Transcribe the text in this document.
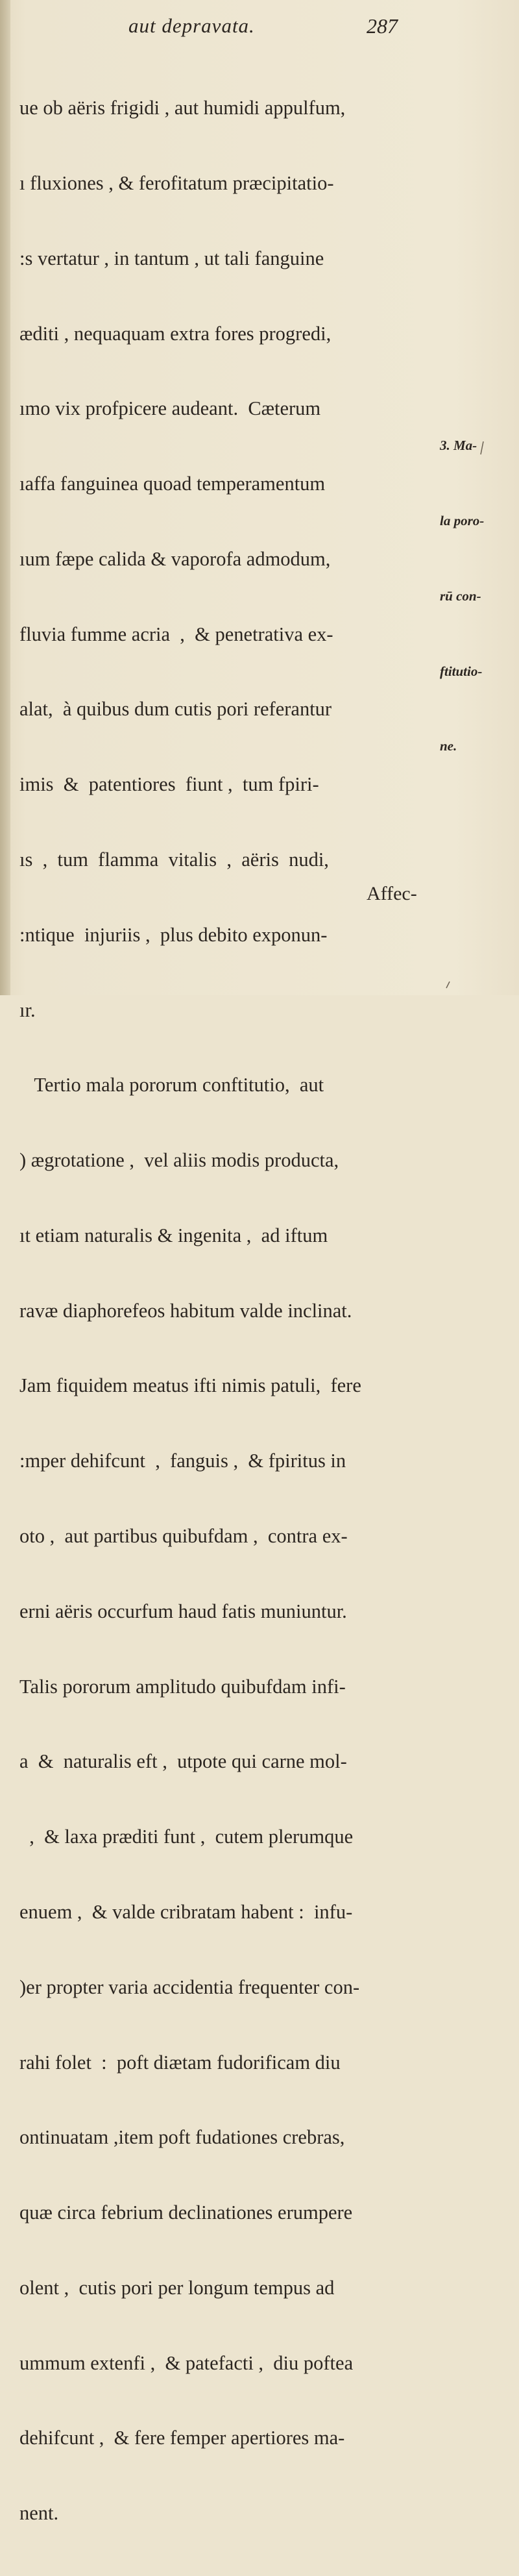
aut depravata.	287

ue ob aëris frigidi , aut humidi appulfum,

ı fluxiones , & ferofitatum præcipitatio-

:s vertatur , in tantum , ut tali fanguine

æditi , nequaquam extra fores progredi,

ımo vix profpicere audeant.  Cæterum

ıaffa fanguinea quoad temperamentum

ıum fæpe calida & vaporofa admodum,

fluvia fumme acria  ,  & penetrativa ex-

alat,  à quibus dum cutis pori referantur

imis  &  patentiores  fiunt ,  tum fpiri-

ıs  ,  tum  flamma  vitalis  ,  aëris  nudi,

:ntique  injuriis ,  plus debito exponun-

ır.

Tertio mala pororum conftitutio,  aut

) ægrotatione ,  vel aliis modis producta,

ıt etiam naturalis & ingenita ,  ad iftum

ravæ diaphorefeos habitum valde inclinat.

Jam fiquidem meatus ifti nimis patuli,  fere

:mper dehifcunt  ,  fanguis ,  & fpiritus in

oto ,  aut partibus quibufdam ,  contra ex-

erni aëris occurfum haud fatis muniuntur.

Talis pororum amplitudo quibufdam infi-

a  &  naturalis eft ,  utpote qui carne mol-

,  & laxa præditi funt ,  cutem plerumque

enuem ,  & valde cribratam habent :  infu-

)er propter varia accidentia frequenter con-

rahi folet  :  poft diætam fudorificam diu

ontinuatam ,item poft fudationes crebras,

quæ circa febrium declinationes erumpere

olent ,  cutis pori per longum tempus ad

ummum extenfi ,  & patefacti ,  diu poftea

dehifcunt ,  & fere femper apertiores ma-

nent.

3. Ma-

la poro-

rū con-

ftitutio-

ne.

Affec-
